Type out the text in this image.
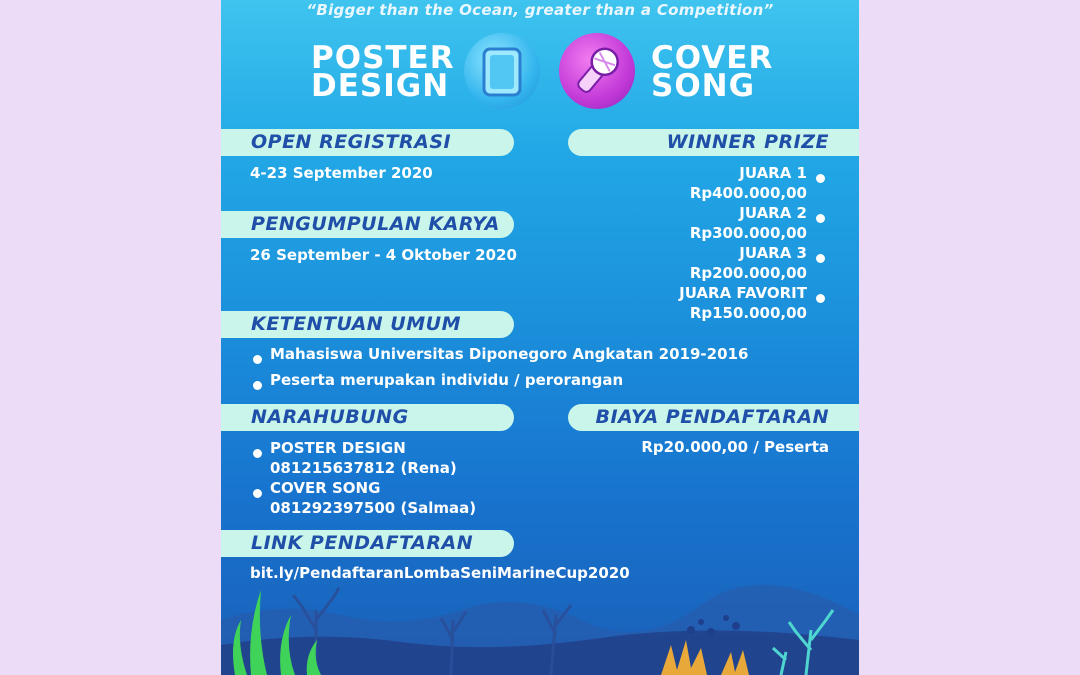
“Bigger than the Ocean, greater than a Competition”
POSTER
DESIGN
COVER
SONG
OPEN REGISTRASI
4-23 September 2020
PENGUMPULAN KARYA
26 September - 4 Oktober 2020
KETENTUAN UMUM
Mahasiswa Universitas Diponegoro Angkatan 2019-2016
Peserta merupakan individu / perorangan
NARAHUBUNG
POSTER DESIGN
081215637812 (Rena)
COVER SONG
081292397500 (Salmaa)
LINK PENDAFTARAN
bit.ly/PendaftaranLombaSeniMarineCup2020
WINNER PRIZE
JUARA 1
Rp400.000,00
JUARA 2
Rp300.000,00
JUARA 3
Rp200.000,00
JUARA FAVORIT
Rp150.000,00
BIAYA PENDAFTARAN
Rp20.000,00 / Peserta
